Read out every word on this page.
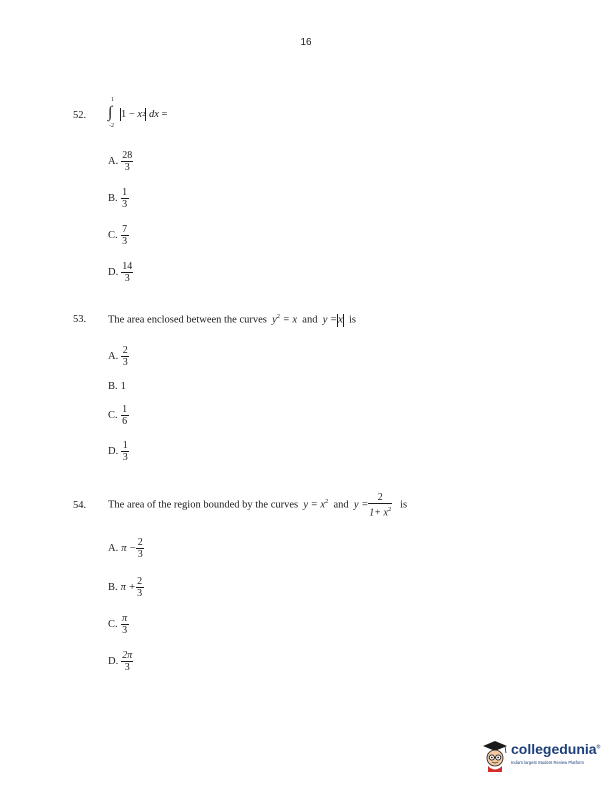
16
52.
1
∫
-2
1
−
x 2
dx
=
A. $\frac{28}{3}$
B. $\frac{1}{3}$
C. $\frac{7}{3}$
D. $\frac{14}{3}$
53. The area enclosed between the curves $y^2 = x$ and y =x is
A. $\frac{2}{3}$
B. 1
C. $\frac{1}{6}$
D. $\frac{1}{3}$
54. The area of the region bounded by the curves $y = x^2$ and $y = \frac{2}{1+ x^2}$ is
A. $\pi - \frac{2}{3}$
B. $\pi + \frac{2}{3}$
C. $\frac{\pi}{3}$
D. $\frac{2\pi}{3}$
collegedunia®
India's largest Student Review Platform
